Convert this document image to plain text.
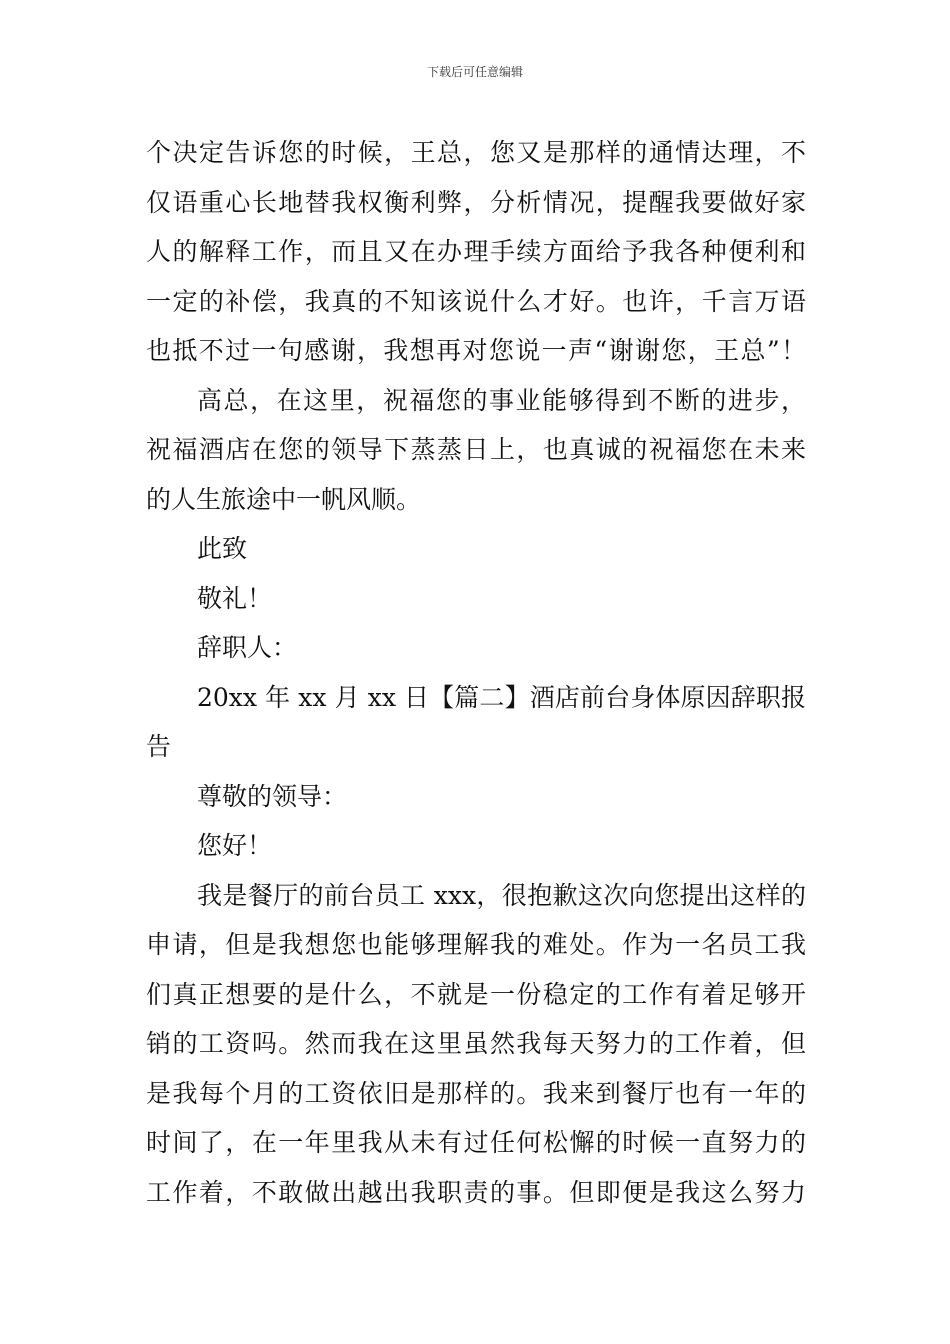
下载后可任意编辑
个决定告诉您的时候，王总，您又是那样的通情达理，不
仅语重心长地替我权衡利弊，分析情况，提醒我要做好家
人的解释工作，而且又在办理手续方面给予我各种便利和
一定的补偿，我真的不知该说什么才好。也许，千言万语
也抵不过一句感谢，我想再对您说一声“谢谢您，王总”！
高总，在这里，祝福您的事业能够得到不断的进步，
祝福酒店在您的领导下蒸蒸日上，也真诚的祝福您在未来
的人生旅途中一帆风顺。
此致
敬礼！
辞职人：
20xx 年 xx 月 xx 日【篇二】酒店前台身体原因辞职报
告
尊敬的领导：
您好！
我是餐厅的前台员工 xxx，很抱歉这次向您提出这样的
申请，但是我想您也能够理解我的难处。作为一名员工我
们真正想要的是什么，不就是一份稳定的工作有着足够开
销的工资吗。然而我在这里虽然我每天努力的工作着，但
是我每个月的工资依旧是那样的。我来到餐厅也有一年的
时间了，在一年里我从未有过任何松懈的时候一直努力的
工作着，不敢做出越出我职责的事。但即便是我这么努力
